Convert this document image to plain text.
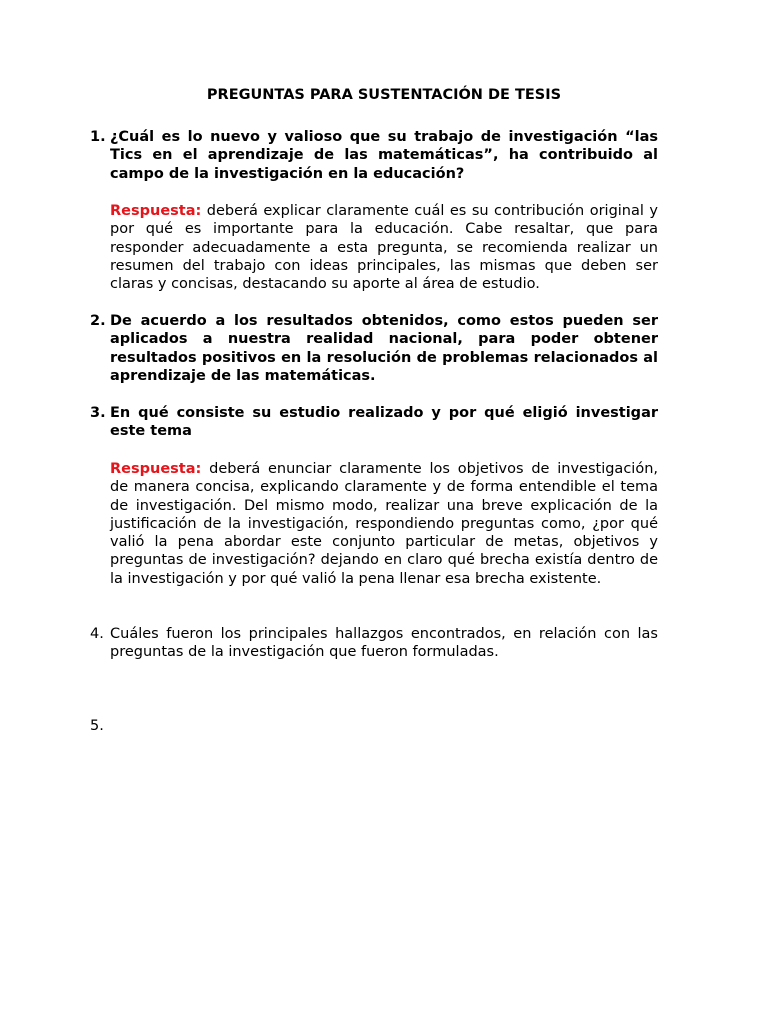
PREGUNTAS PARA SUSTENTACIÓN DE TESIS
1. ¿Cuál es lo nuevo y valioso que su trabajo de investigación “las Tics en el aprendizaje de las matemáticas”, ha contribuido al campo de la investigación en la educación?

Respuesta: deberá explicar claramente cuál es su contribución original y por qué es importante para la educación. Cabe resaltar, que para responder adecuadamente a esta pregunta, se recomienda realizar un resumen del trabajo con ideas principales, las mismas que deben ser claras y concisas, destacando su aporte al área de estudio.

2. De acuerdo a los resultados obtenidos, como estos pueden ser aplicados a nuestra realidad nacional, para poder obtener resultados positivos en la resolución de problemas relacionados al aprendizaje de las matemáticas.
3. En qué consiste su estudio realizado y por qué eligió investigar este tema

Respuesta: deberá enunciar claramente los objetivos de investigación, de manera concisa, explicando claramente y de forma entendible el tema de investigación. Del mismo modo, realizar una breve explicación de la justificación de la investigación, respondiendo preguntas como, ¿por qué valió la pena abordar este conjunto particular de metas, objetivos y preguntas de investigación? dejando en claro qué brecha existía dentro de la investigación y por qué valió la pena llenar esa brecha existente.

4. Cuáles fueron los principales hallazgos encontrados, en relación con las preguntas de la investigación que fueron formuladas.
5.
